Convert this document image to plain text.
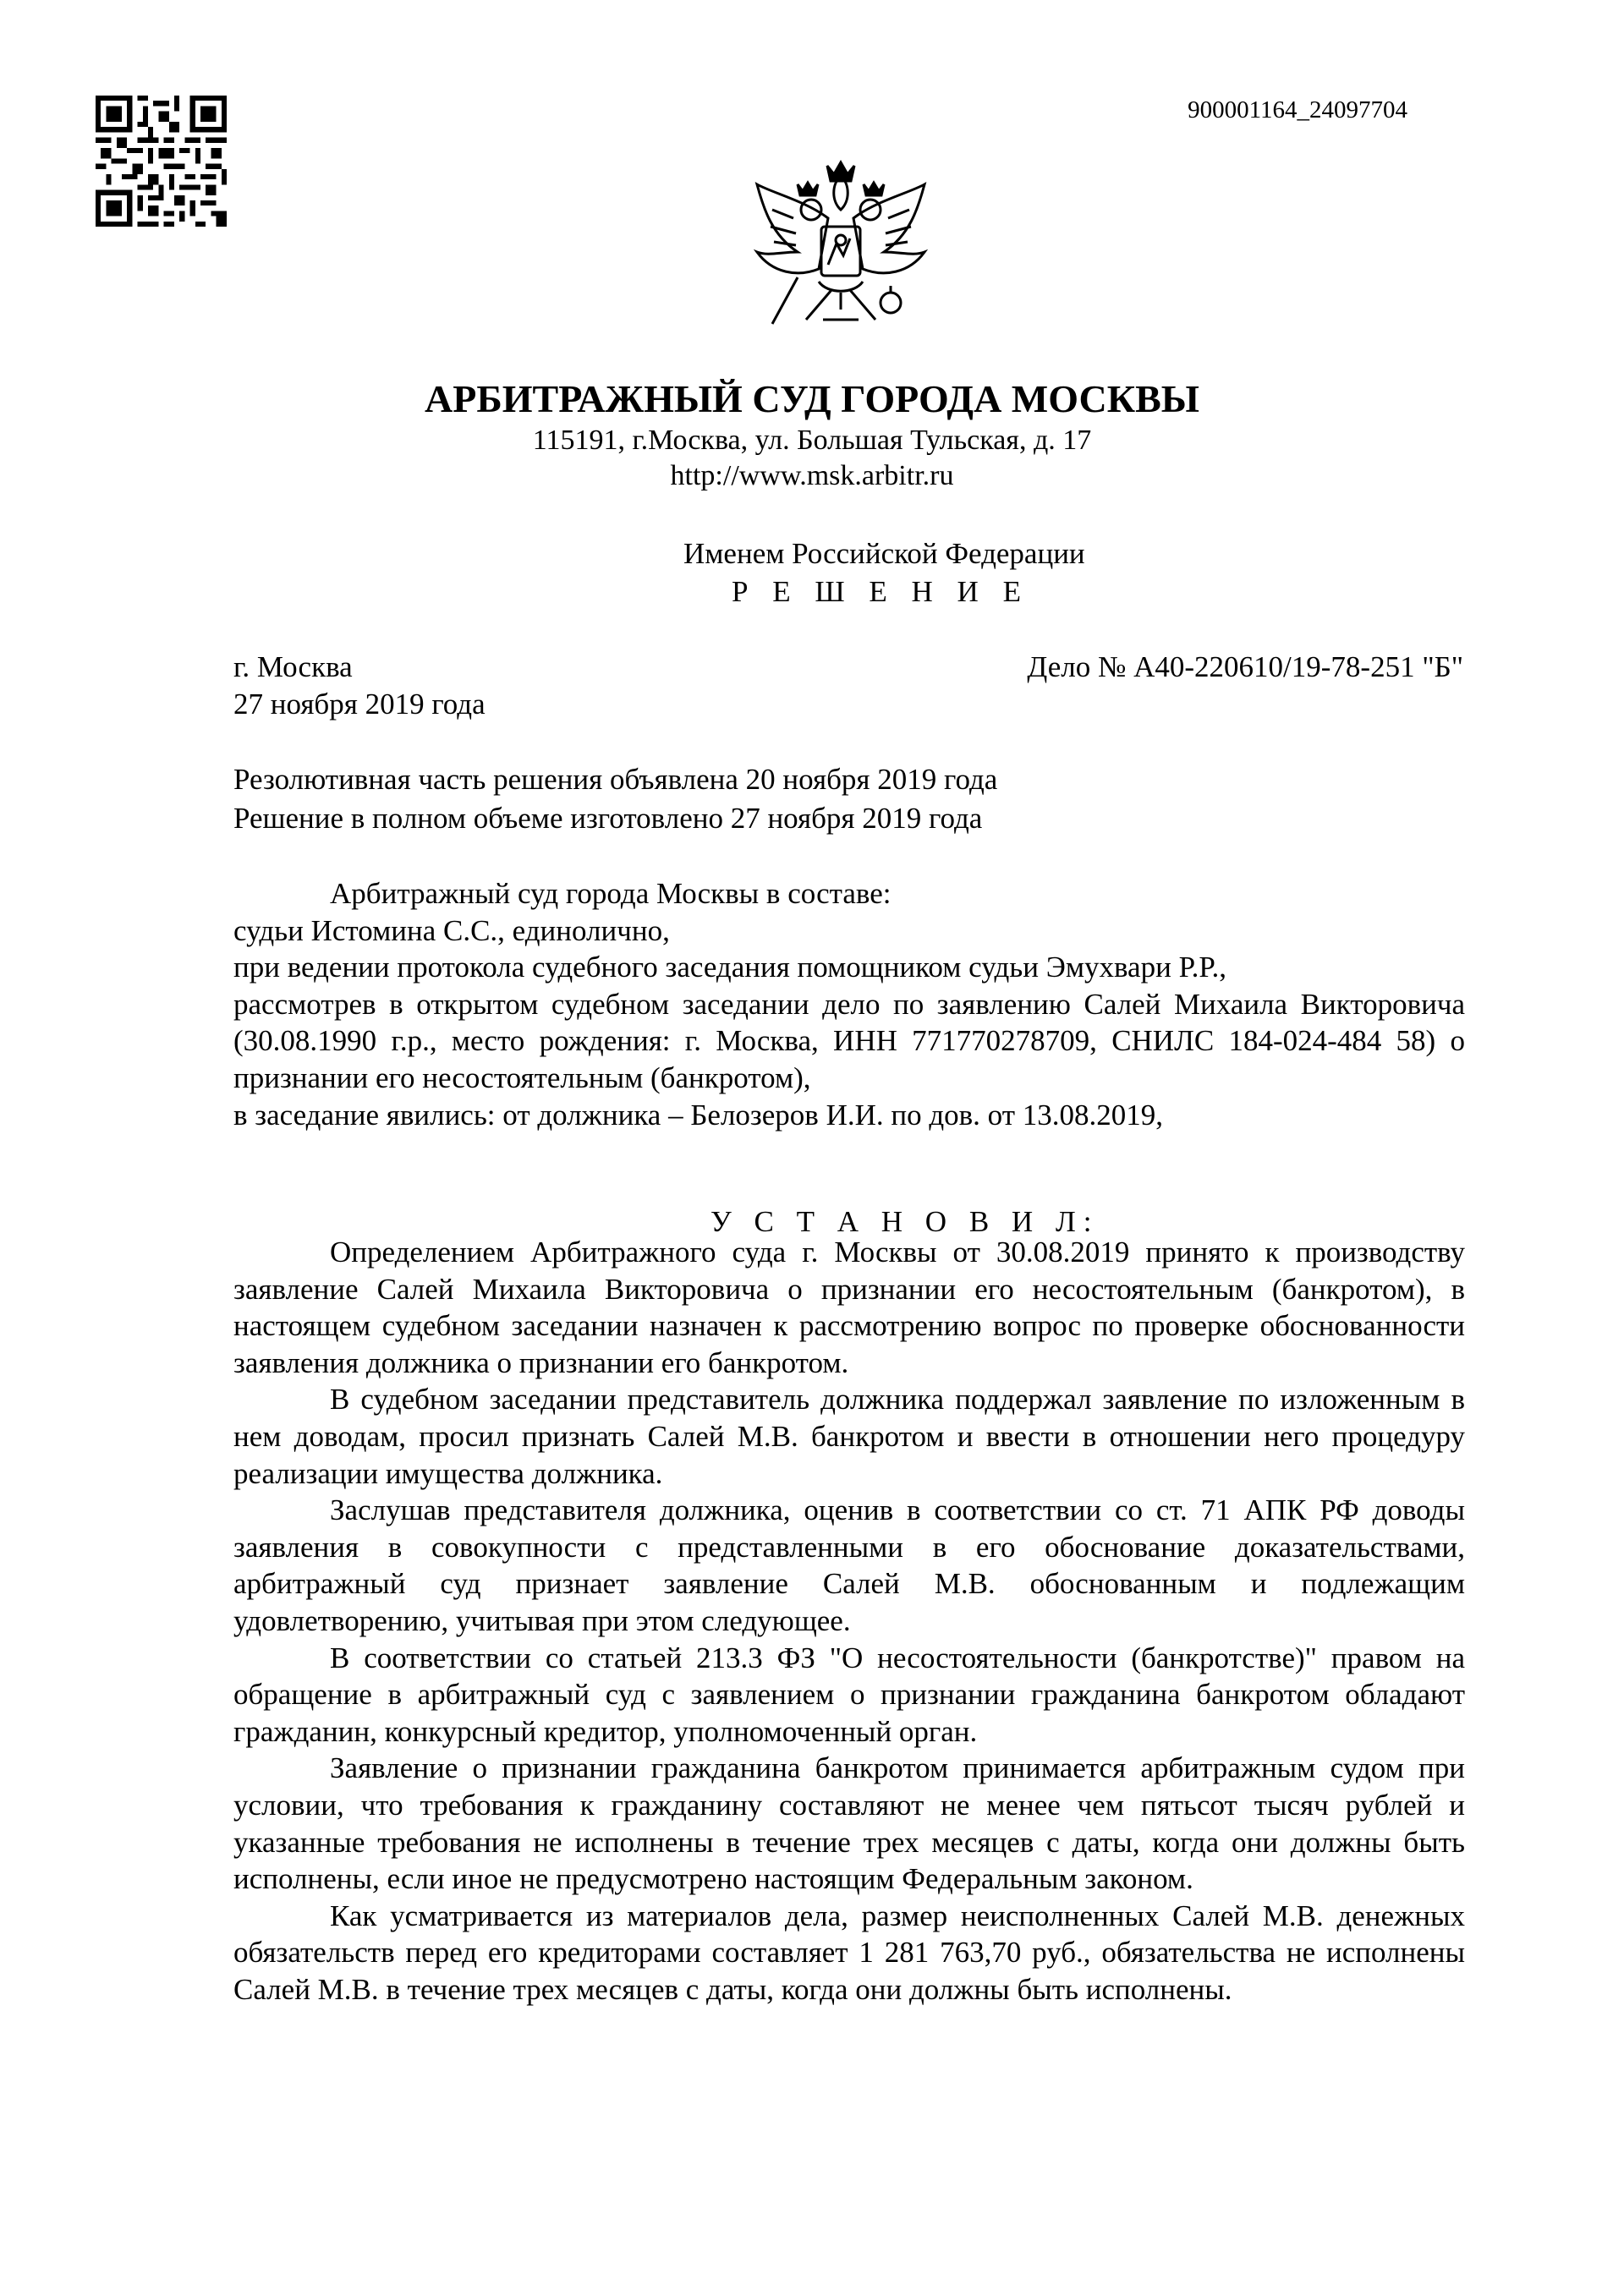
900001164_24097704
АРБИТРАЖНЫЙ СУД ГОРОДА МОСКВЫ
115191, г.Москва, ул. Большая Тульская, д. 17
http://www.msk.arbitr.ru
Именем Российской Федерации
Р Е Ш Е Н И Е
г. Москва	Дело № А40-220610/19-78-251 "Б"
27 ноября 2019 года
Резолютивная часть решения объявлена 20 ноября 2019 года
Решение в полном объеме изготовлено 27 ноября 2019 года

Арбитражный суд города Москвы в составе:

судьи Истомина С.С., единолично,

при ведении протокола судебного заседания помощником судьи Эмухвари Р.Р.,

рассмотрев в открытом судебном заседании дело по заявлению Салей Михаила Викторовича (30.08.1990 г.р., место рождения: г. Москва, ИНН 771770278709, СНИЛС 184-024-484 58) о признании его несостоятельным (банкротом),

в заседание явились: от должника – Белозеров И.И. по дов. от 13.08.2019,

У С Т А Н О В И Л:

Определением Арбитражного суда г. Москвы от 30.08.2019 принято к производству заявление Салей Михаила Викторовича о признании его несостоятельным (банкротом), в настоящем судебном заседании назначен к рассмотрению вопрос по проверке обоснованности заявления должника о признании его банкротом.

В судебном заседании представитель должника поддержал заявление по изложенным в нем доводам, просил признать Салей М.В. банкротом и ввести в отношении него процедуру реализации имущества должника.

Заслушав представителя должника, оценив в соответствии со ст. 71 АПК РФ доводы заявления в совокупности с представленными в его обоснование доказательствами, арбитражный суд признает заявление Салей М.В. обоснованным и подлежащим удовлетворению, учитывая при этом следующее.

В соответствии со статьей 213.3 ФЗ "О несостоятельности (банкротстве)" правом на обращение в арбитражный суд с заявлением о признании гражданина банкротом обладают гражданин, конкурсный кредитор, уполномоченный орган.

Заявление о признании гражданина банкротом принимается арбитражным судом при условии, что требования к гражданину составляют не менее чем пятьсот тысяч рублей и указанные требования не исполнены в течение трех месяцев с даты, когда они должны быть исполнены, если иное не предусмотрено настоящим Федеральным законом.

Как усматривается из материалов дела, размер неисполненных Салей М.В. денежных обязательств перед его кредиторами составляет 1 281 763,70 руб., обязательства не исполнены Салей М.В. в течение трех месяцев с даты, когда они должны быть исполнены.
